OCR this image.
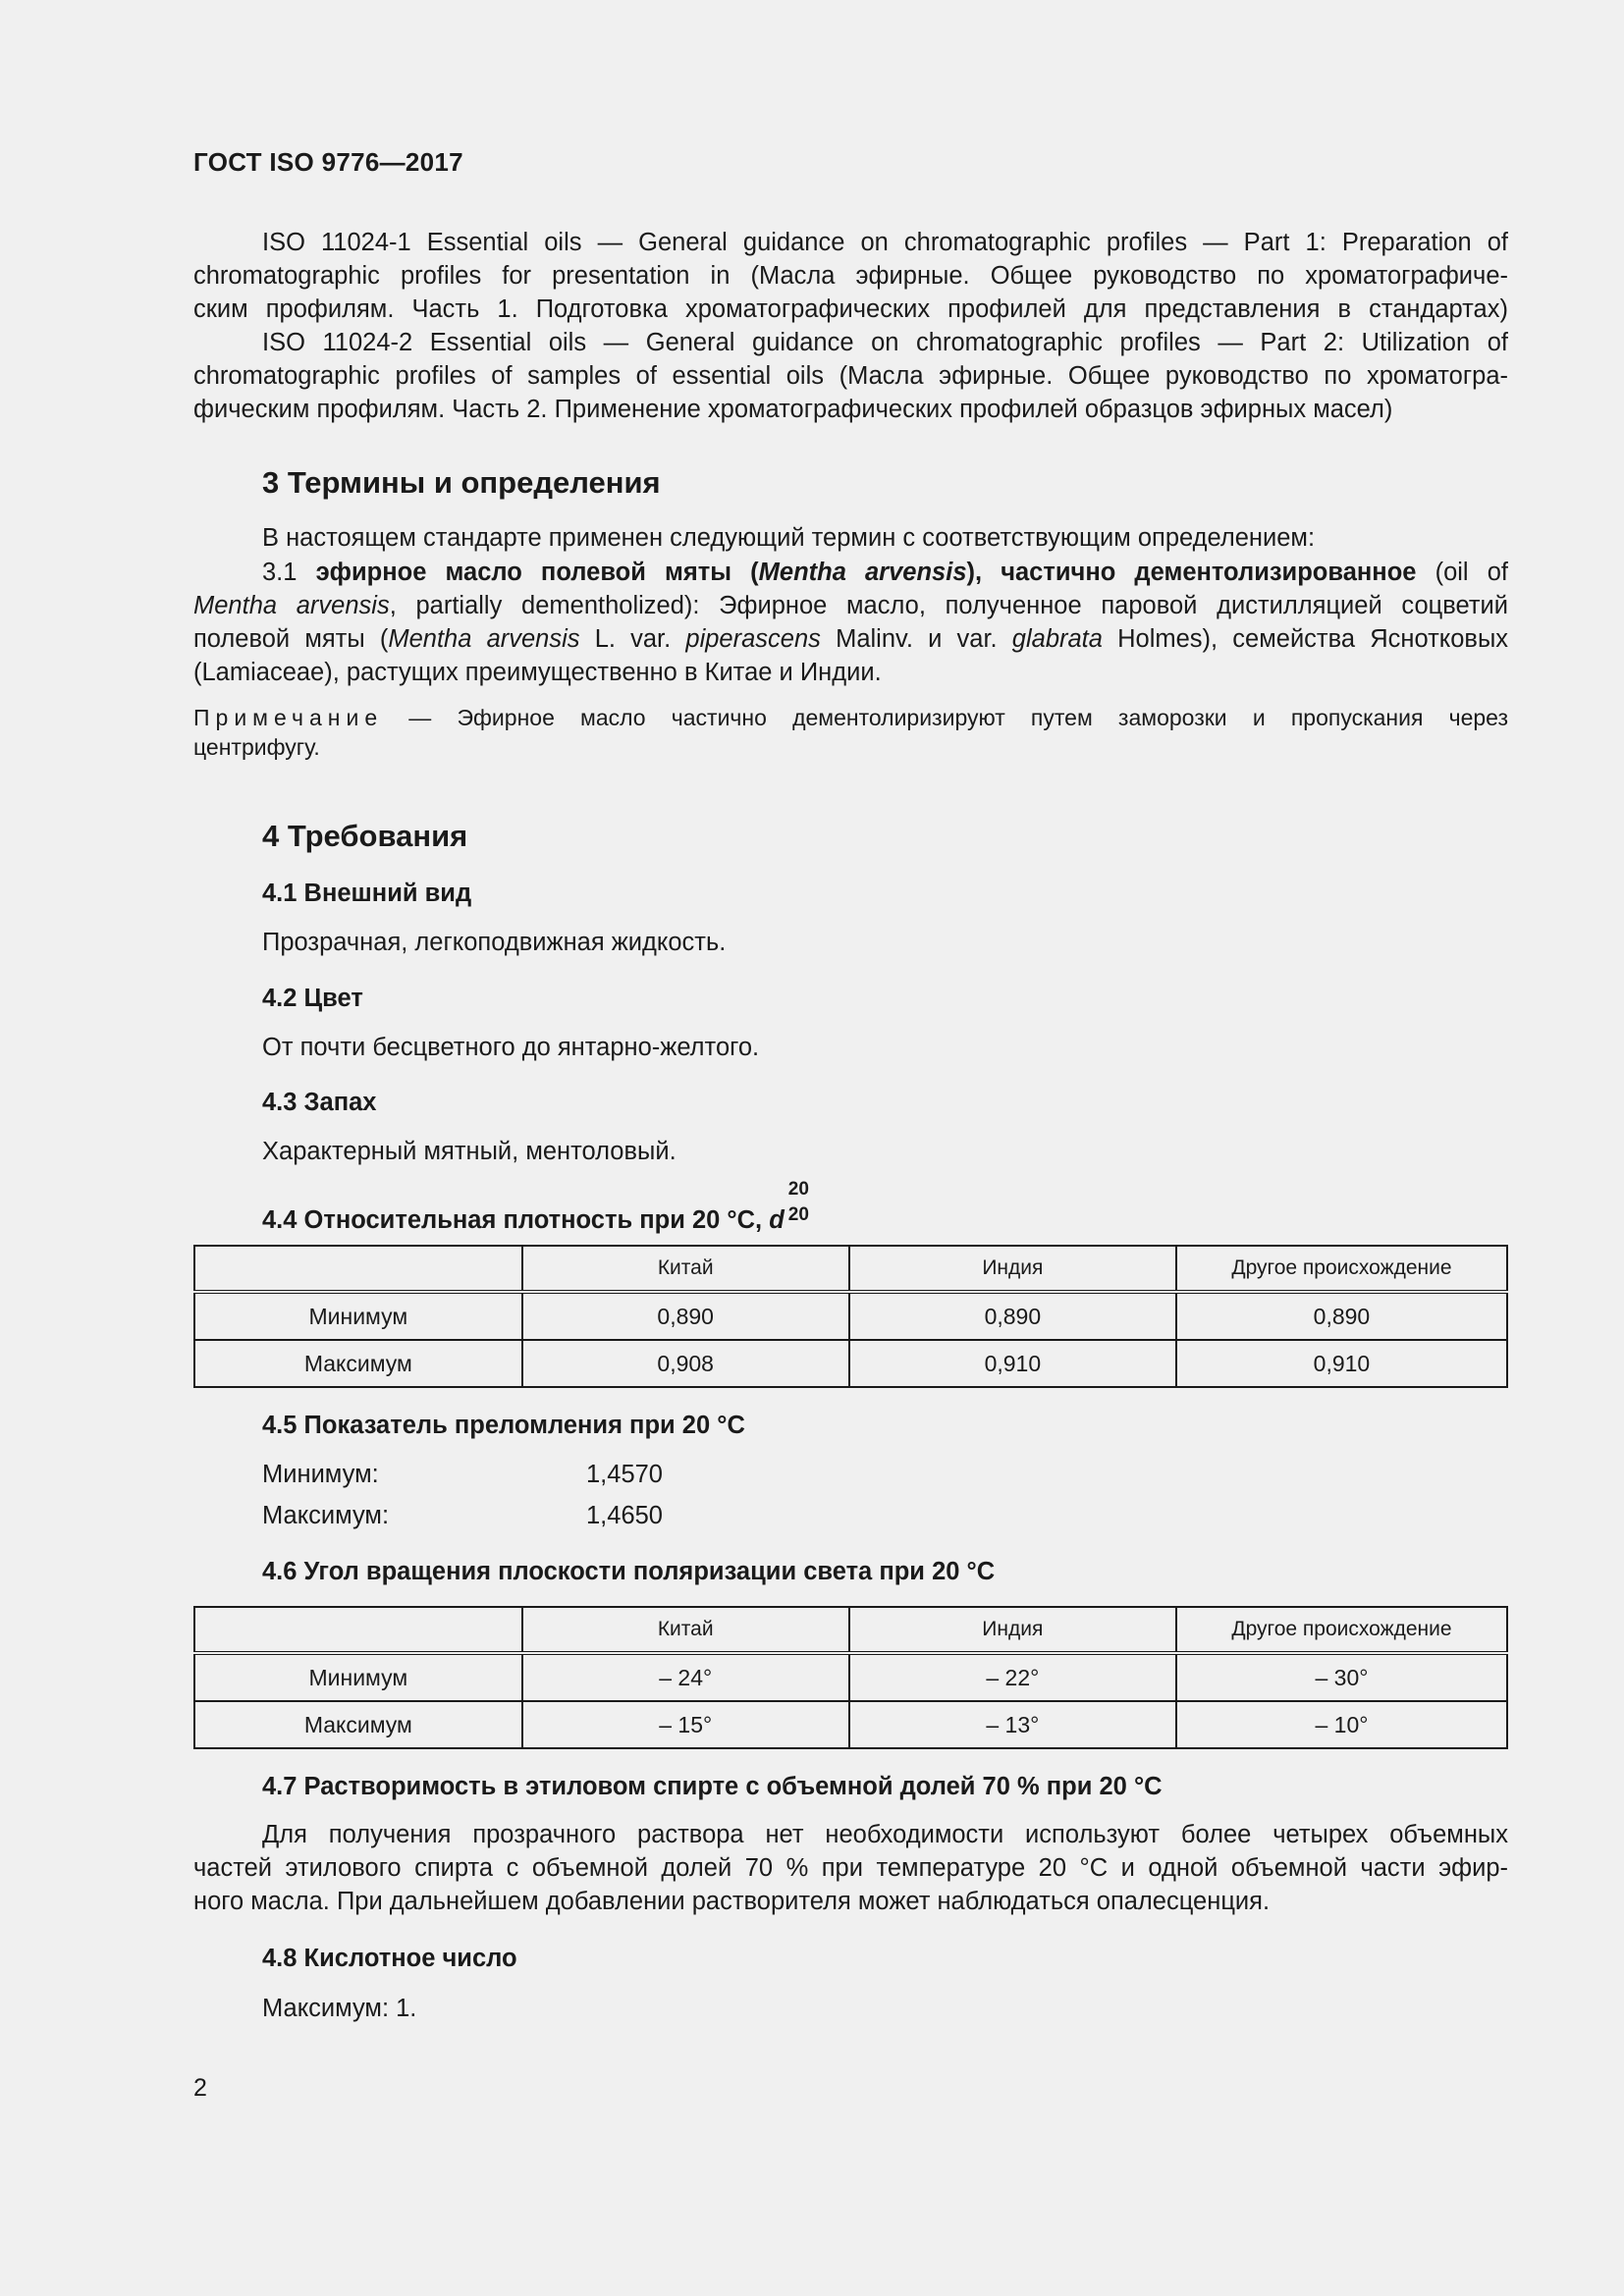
ГОСТ ISO 9776—2017
ISO 11024-1 Essential oils — General guidance on chromatographic profiles — Part 1: Preparation of
chromatographic profiles for presentation in (Масла эфирные. Общее руководство по хроматографиче-
ским профилям. Часть 1. Подготовка хроматографических профилей для представления в стандартах)
ISO 11024-2 Essential oils — General guidance on chromatographic profiles — Part 2: Utilization of
chromatographic profiles of samples of essential oils (Масла эфирные. Общее руководство по хроматогра-
фическим профилям. Часть 2. Применение хроматографических профилей образцов эфирных масел)
3 Термины и определения
В настоящем стандарте применен следующий термин с соответствующим определением:
3.1 эфирное масло полевой мяты (Mentha arvensis), частично дементолизированное (oil of
Mentha arvensis, partially dementholized): Эфирное масло, полученное паровой дистилляцией соцветий
полевой мяты (Mentha arvensis L. var. piperascens Malinv. и var. glabrata Holmes), семейства Яснотковых
(Lamiaceae), растущих преимущественно в Китае и Индии.
Примечание — Эфирное масло частично дементолиризируют путем заморозки и пропускания через
центрифугу.
4 Требования
4.1 Внешний вид
Прозрачная, легкоподвижная жидкость.
4.2 Цвет
От почти бесцветного до янтарно-желтого.
4.3 Запах
Характерный мятный, ментоловый.
4.4 Относительная плотность при 20 °С, d
20
20
	Китай	Индия	Другое происхождение
Минимум	0,890	0,890	0,890
Максимум	0,908	0,910	0,910
4.5 Показатель преломления при 20 °С
Минимум:	1,4570
Максимум:	1,4650
4.6 Угол вращения плоскости поляризации света при 20 °С
	Китай	Индия	Другое происхождение
Минимум	– 24°	– 22°	– 30°
Максимум	– 15°	– 13°	– 10°
4.7 Растворимость в этиловом спирте с объемной долей 70 % при 20 °С
Для получения прозрачного раствора нет необходимости используют более четырех объемных
частей этилового спирта с объемной долей 70 % при температуре 20 °С и одной объемной части эфир-
ного масла. При дальнейшем добавлении растворителя может наблюдаться опалесценция.
4.8 Кислотное число
Максимум: 1.
2
